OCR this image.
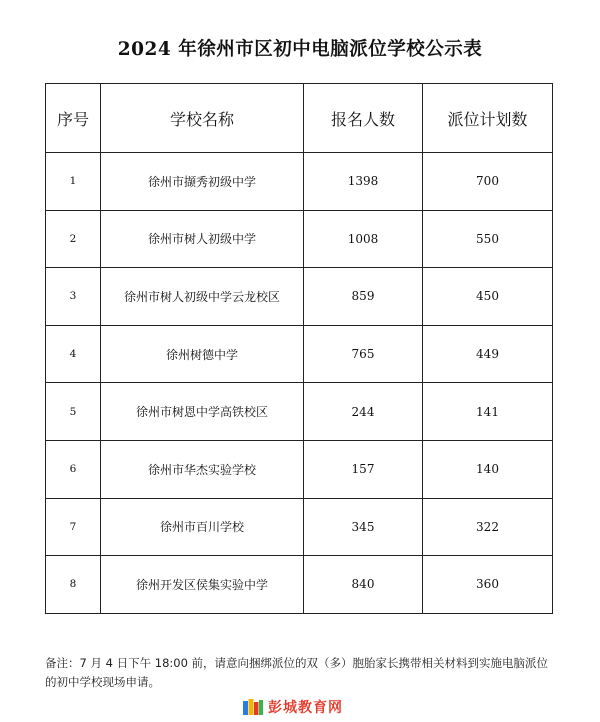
2024 年徐州市区初中电脑派位学校公示表
序号	学校名称	报名人数	派位计划数
1	徐州市撷秀初级中学	1398	700
2	徐州市树人初级中学	1008	550
3	徐州市树人初级中学云龙校区	859	450
4	徐州树德中学	765	449
5	徐州市树恩中学高铁校区	244	141
6	徐州市华杰实验学校	157	140
7	徐州市百川学校	345	322
8	徐州开发区侯集实验中学	840	360
备注：7 月 4 日下午 18:00 前，请意向捆绑派位的双（多）胞胎家长携带相关材料到实施电脑派位的初中学校现场申请。
彭城教育网
